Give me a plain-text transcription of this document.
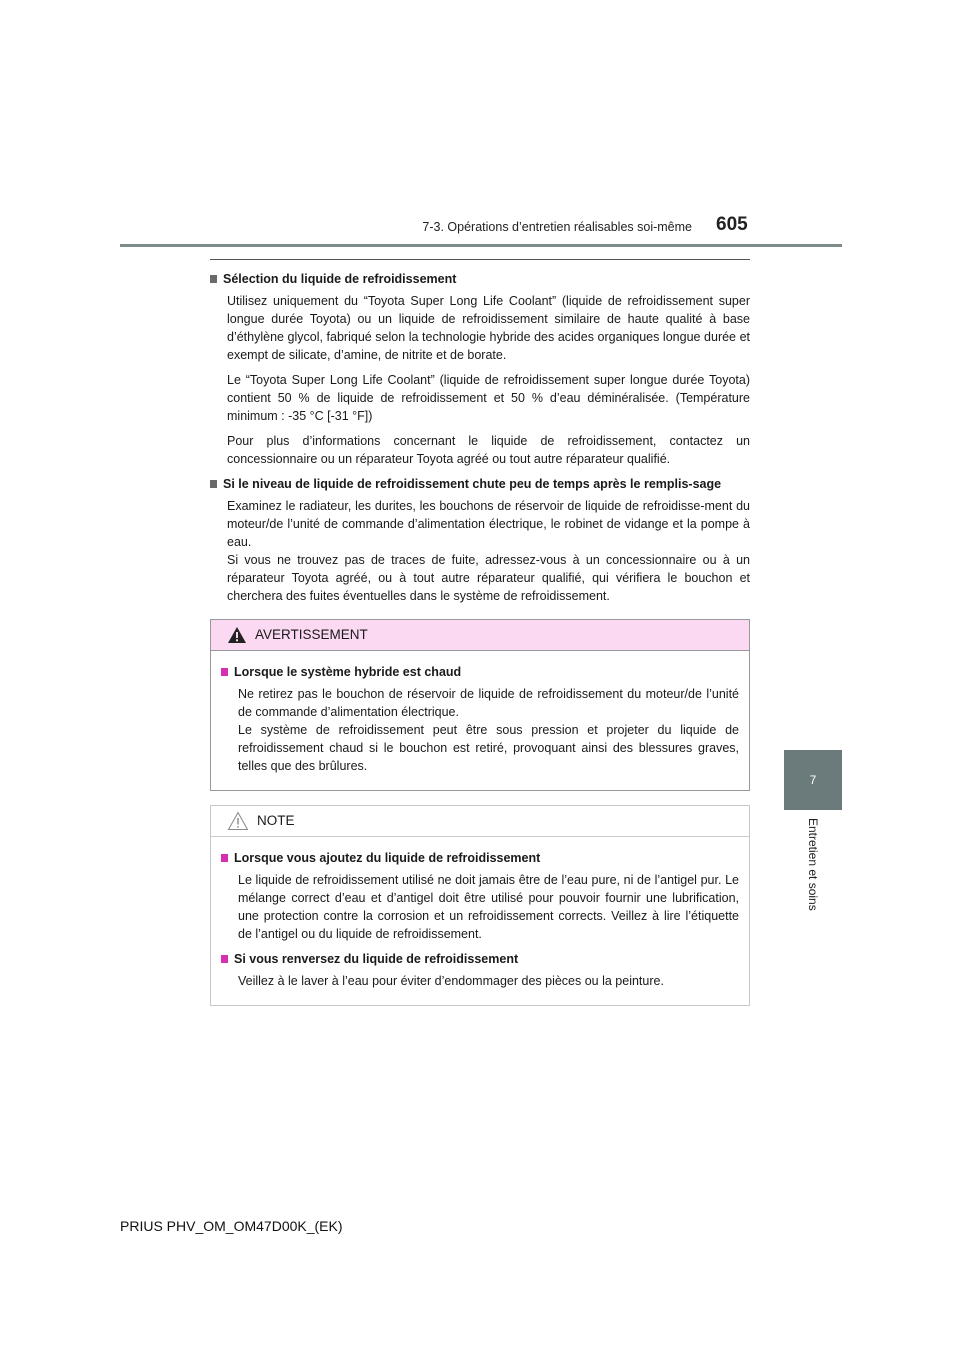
7-3. Opérations d’entretien réalisables soi-même 605
7
Entretien et soins
Sélection du liquide de refroidissement

Utilisez uniquement du “Toyota Super Long Life Coolant” (liquide de refroidissement super longue durée Toyota) ou un liquide de refroidissement similaire de haute qualité à base d’éthylène glycol, fabriqué selon la technologie hybride des acides organiques longue durée et exempt de silicate, d’amine, de nitrite et de borate.

Le “Toyota Super Long Life Coolant” (liquide de refroidissement super longue durée Toyota) contient 50 % de liquide de refroidissement et 50 % d’eau déminéralisée. (Température minimum : -35 °C [-31 °F])

Pour plus d’informations concernant le liquide de refroidissement, contactez un concessionnaire ou un réparateur Toyota agréé ou tout autre réparateur qualifié.

Si le niveau de liquide de refroidissement chute peu de temps après le remplis-sage

Examinez le radiateur, les durites, les bouchons de réservoir de liquide de refroidisse-ment du moteur/de l’unité de commande d’alimentation électrique, le robinet de vidange et la pompe à eau.
Si vous ne trouvez pas de traces de fuite, adressez-vous à un concessionnaire ou à un réparateur Toyota agréé, ou à tout autre réparateur qualifié, qui vérifiera le bouchon et cherchera des fuites éventuelles dans le système de refroidissement.

AVERTISSEMENT
Lorsque le système hybride est chaud

Ne retirez pas le bouchon de réservoir de liquide de refroidissement du moteur/de l’unité de commande d’alimentation électrique.
Le système de refroidissement peut être sous pression et projeter du liquide de refroidissement chaud si le bouchon est retiré, provoquant ainsi des blessures graves, telles que des brûlures.

NOTE
Lorsque vous ajoutez du liquide de refroidissement

Le liquide de refroidissement utilisé ne doit jamais être de l’eau pure, ni de l’antigel pur. Le mélange correct d’eau et d’antigel doit être utilisé pour pouvoir fournir une lubrification, une protection contre la corrosion et un refroidissement corrects. Veillez à lire l’étiquette de l’antigel ou du liquide de refroidissement.

Si vous renversez du liquide de refroidissement

Veillez à le laver à l’eau pour éviter d’endommager des pièces ou la peinture.

PRIUS PHV_OM_OM47D00K_(EK)
